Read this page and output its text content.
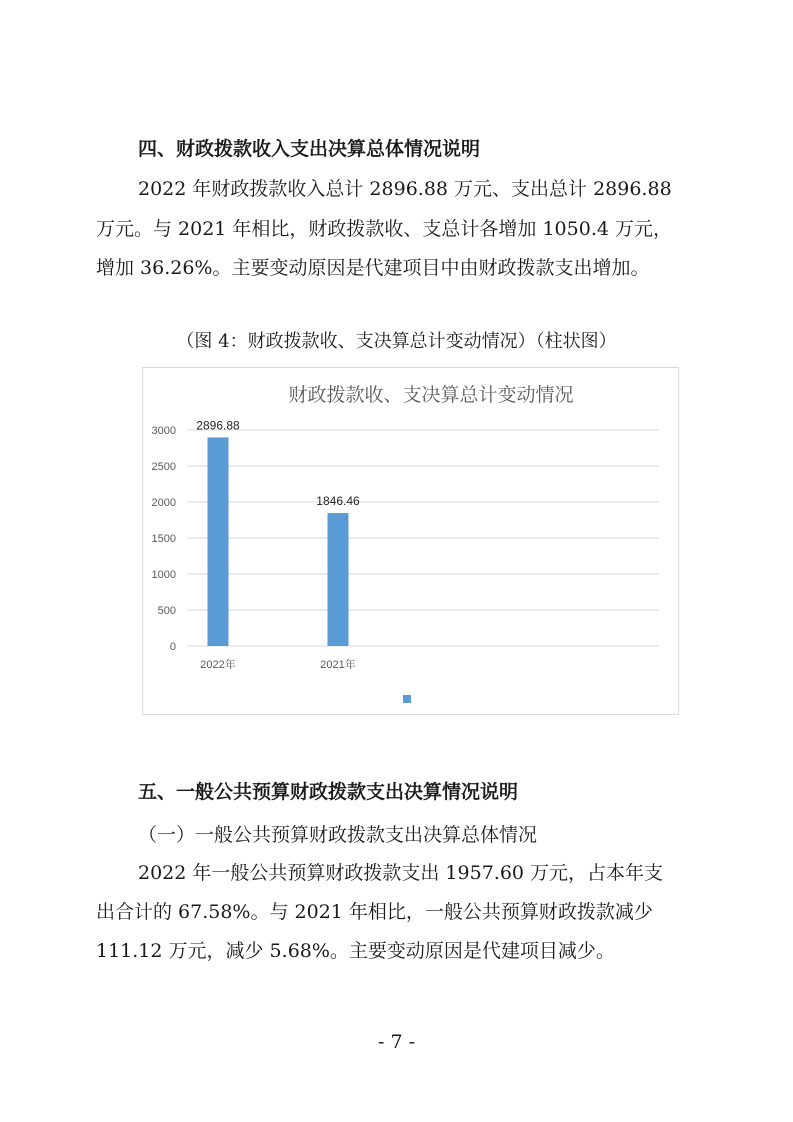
四、财政拨款收入支出决算总体情况说明
2022 年财政拨款收入总计 2896.88 万元、支出总计 2896.88
万元。与 2021 年相比，财政拨款收、支总计各增加 1050.4 万元，
增加 36.26%。主要变动原因是代建项目中由财政拨款支出增加。
（图 4：财政拨款收、支决算总计变动情况）（柱状图）
财政拨款收、支决算总计变动情况
0
500
1000
1500
2000
2500
3000 2896.88
1846.46
2022年	2021年
五、一般公共预算财政拨款支出决算情况说明
（一）一般公共预算财政拨款支出决算总体情况
2022 年一般公共预算财政拨款支出 1957.60 万元，占本年支
出合计的 67.58%。与 2021 年相比，一般公共预算财政拨款减少
111.12 万元，减少 5.68%。主要变动原因是代建项目减少。
- 7 -
